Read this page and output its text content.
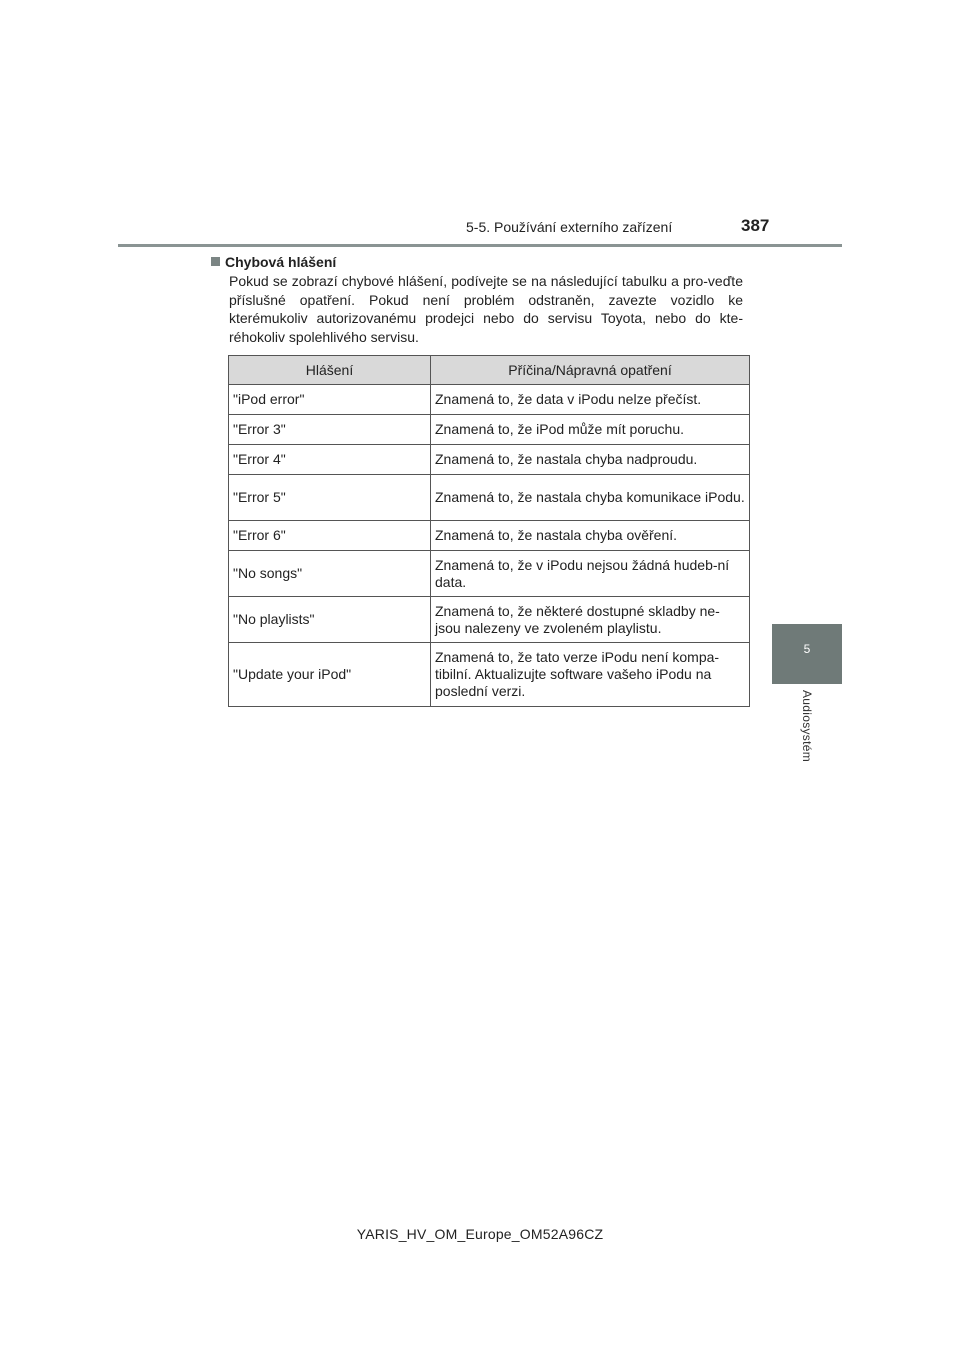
5-5. Používání externího zařízení	387
5
Audiosystém
Chybová hlášení
Pokud se zobrazí chybové hlášení, podívejte se na následující tabulku a pro-veďte příslušné opatření. Pokud není problém odstraněn, zavezte vozidlo ke kterémukoliv autorizovanému prodejci nebo do servisu Toyota, nebo do kte-réhokoliv spolehlivého servisu.
Hlášení	Příčina/Nápravná opatření
"iPod error"	Znamená to, že data v iPodu nelze přečíst.
"Error 3"	Znamená to, že iPod může mít poruchu.
"Error 4"	Znamená to, že nastala chyba nadproudu.
"Error 5"	Znamená to, že nastala chyba komunikace iPodu.
"Error 6"	Znamená to, že nastala chyba ověření.
"No songs"	Znamená to, že v iPodu nejsou žádná hudeb-ní data.
"No playlists"	Znamená to, že některé dostupné skladby ne-jsou nalezeny ve zvoleném playlistu.
"Update your iPod"	Znamená to, že tato verze iPodu není kompa-tibilní. Aktualizujte software vašeho iPodu na poslední verzi.
YARIS_HV_OM_Europe_OM52A96CZ
